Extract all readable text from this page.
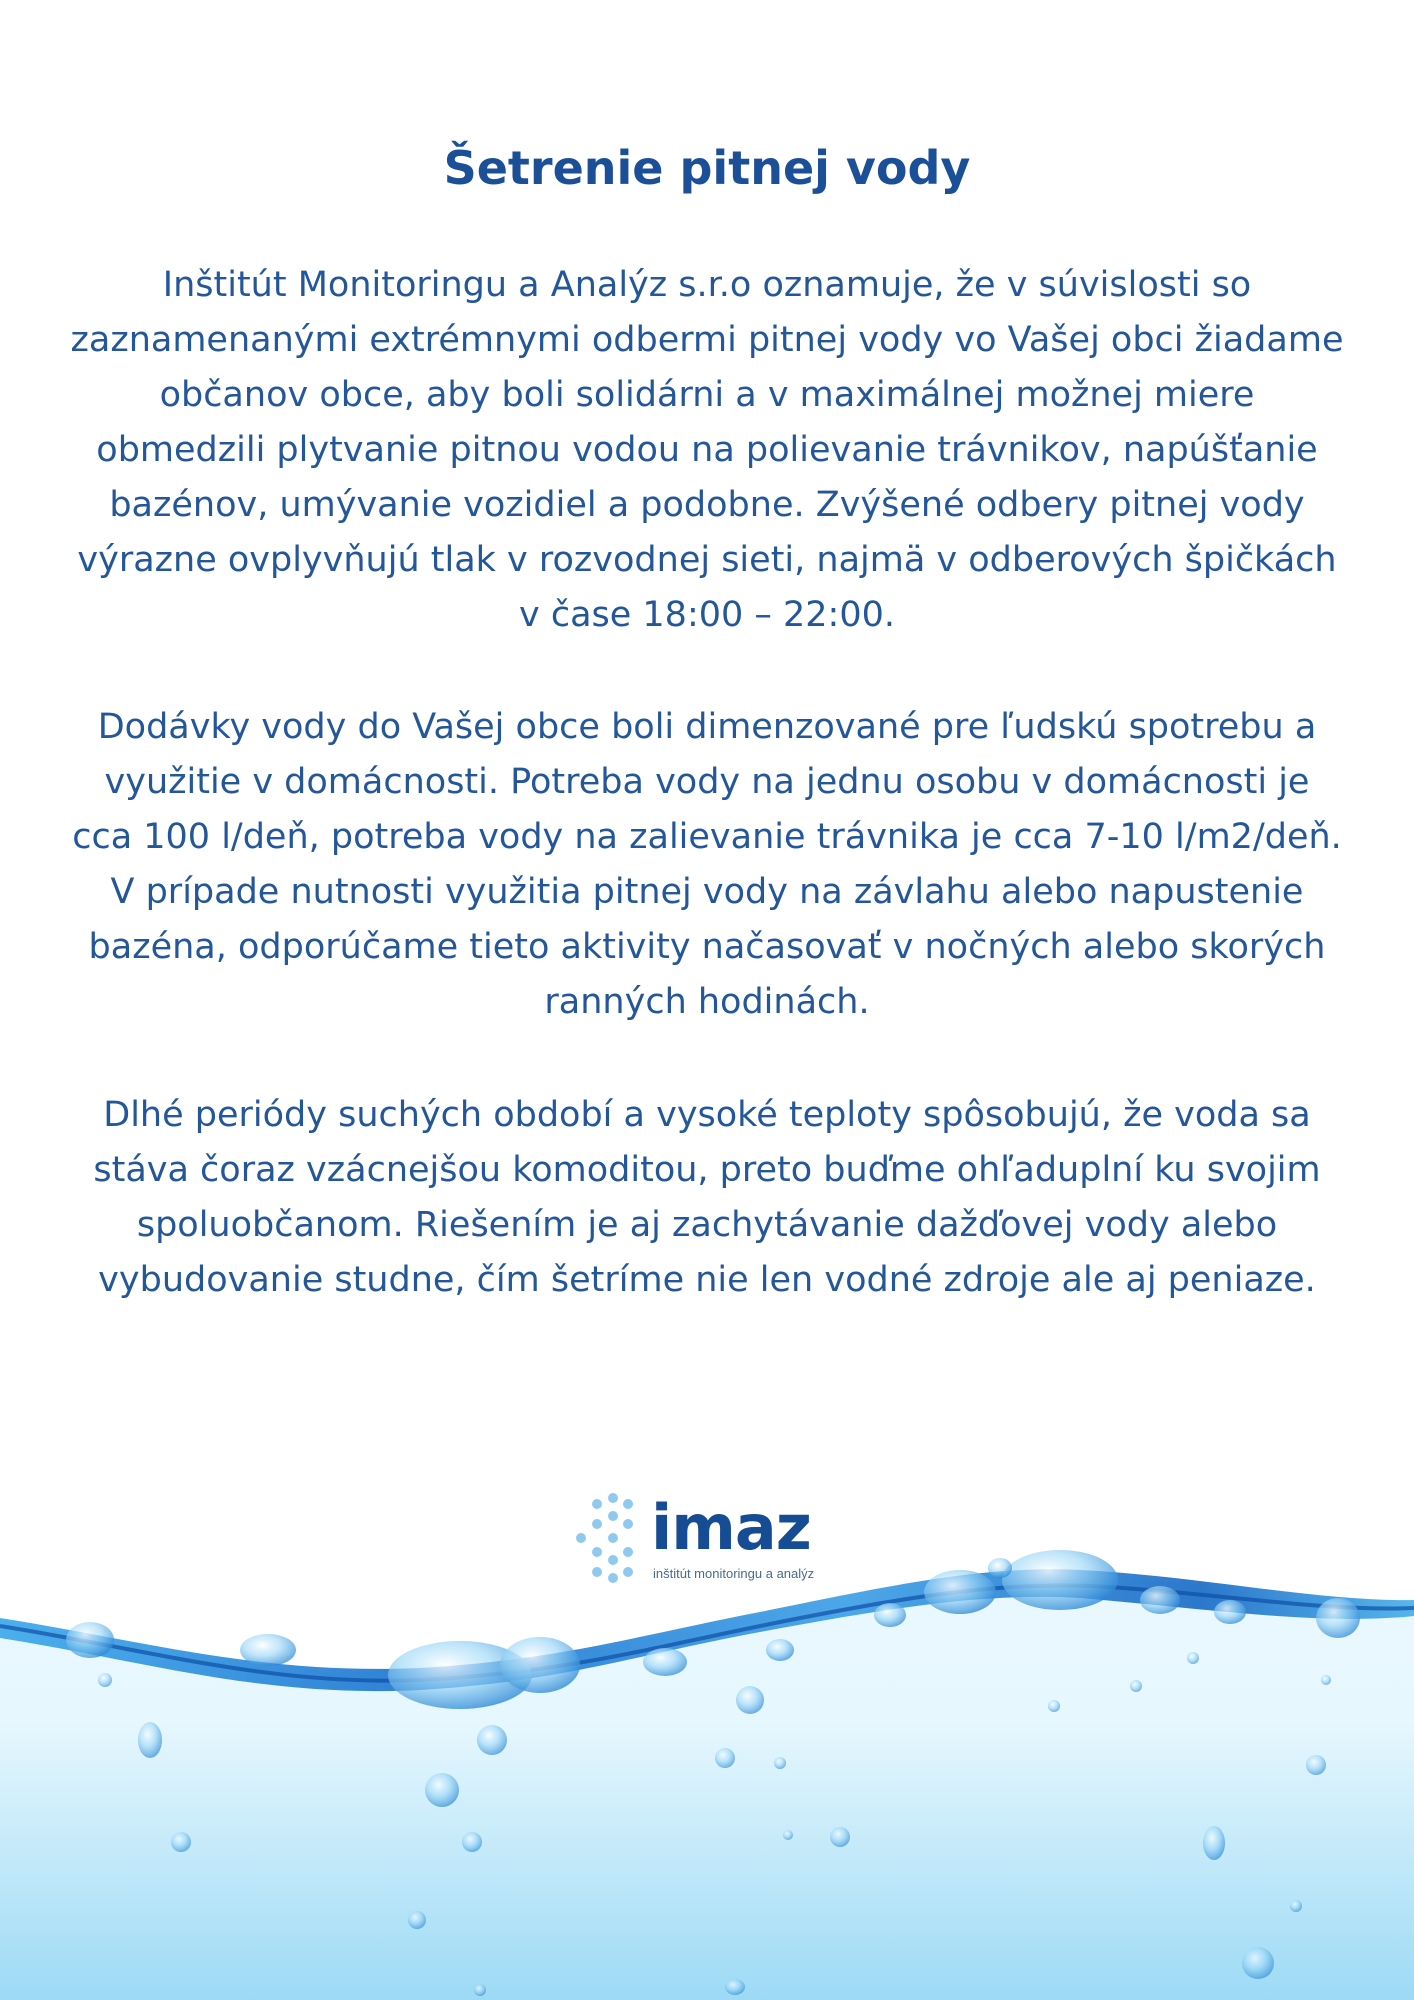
Šetrenie pitnej vody

Inštitút Monitoringu a Analýz s.r.o oznamuje, že v súvislosti so zaznamenanými extrémnymi odbermi pitnej vody vo Vašej obci žiadame občanov obce, aby boli solidárni a v maximálnej možnej miere obmedzili plytvanie pitnou vodou na polievanie trávnikov, napúšťanie bazénov, umývanie vozidiel a podobne. Zvýšené odbery pitnej vody výrazne ovplyvňujú tlak v rozvodnej sieti, najmä v odberových špičkách v čase 18:00 – 22:00.

Dodávky vody do Vašej obce boli dimenzované pre ľudskú spotrebu a využitie v domácnosti. Potreba vody na jednu osobu v domácnosti je cca 100 l/deň, potreba vody na zalievanie trávnika je cca 7-10 l/m2/deň. V prípade nutnosti využitia pitnej vody na závlahu alebo napustenie bazéna, odporúčame tieto aktivity načasovať v nočných alebo skorých ranných hodinách.

Dlhé periódy suchých období a vysoké teploty spôsobujú, že voda sa stáva čoraz vzácnejšou komoditou, preto buďme ohľaduplní ku svojim spoluobčanom. Riešením je aj zachytávanie dažďovej vody alebo vybudovanie studne, čím šetríme nie len vodné zdroje ale aj peniaze.

imaz
inštitút monitoringu a analýz
